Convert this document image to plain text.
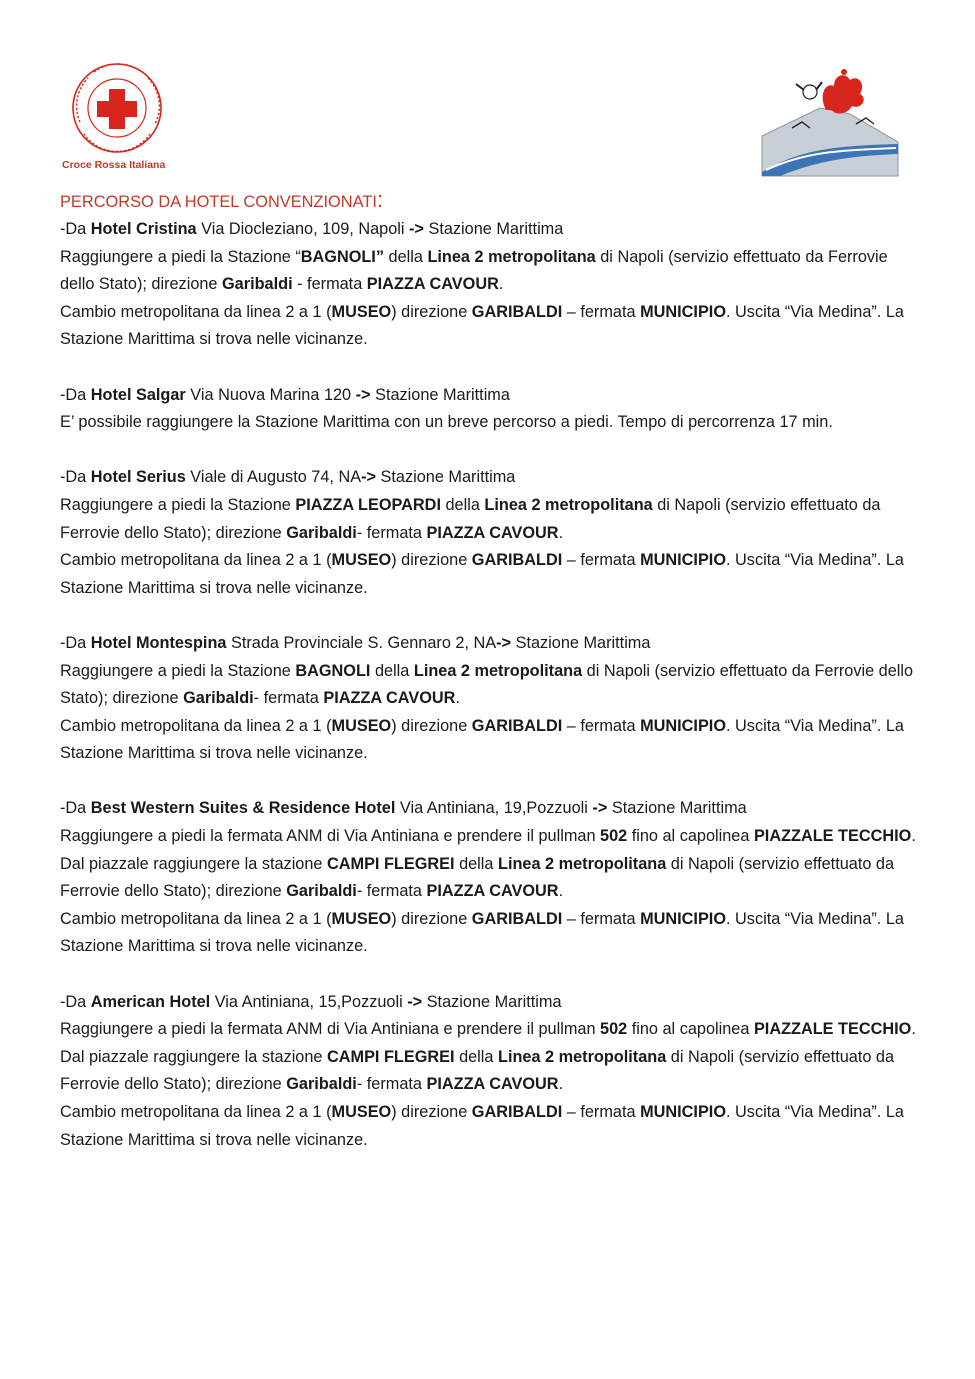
Croce Rossa Italiana

PERCORSO DA HOTEL CONVENZIONATI:

-Da Hotel Cristina Via Diocleziano, 109, Napoli -> Stazione Marittima

Raggiungere a piedi la Stazione “BAGNOLI” della Linea 2 metropolitana di Napoli (servizio effettuato da Ferrovie dello Stato); direzione Garibaldi - fermata PIAZZA CAVOUR.

Cambio metropolitana da linea 2 a 1 (MUSEO) direzione GARIBALDI – fermata MUNICIPIO. Uscita “Via Medina”. La Stazione Marittima si trova nelle vicinanze.

-Da Hotel Salgar Via Nuova Marina 120 -> Stazione Marittima

E’ possibile raggiungere la Stazione Marittima con un breve percorso a piedi. Tempo di percorrenza 17 min.

-Da Hotel Serius Viale di Augusto 74, NA-> Stazione Marittima

Raggiungere a piedi la Stazione PIAZZA LEOPARDI della Linea 2 metropolitana di Napoli (servizio effettuato da Ferrovie dello Stato); direzione Garibaldi- fermata PIAZZA CAVOUR.

Cambio metropolitana da linea 2 a 1 (MUSEO) direzione GARIBALDI – fermata MUNICIPIO. Uscita “Via Medina”. La Stazione Marittima si trova nelle vicinanze.

-Da Hotel Montespina Strada Provinciale S. Gennaro 2, NA-> Stazione Marittima

Raggiungere a piedi la Stazione BAGNOLI della Linea 2 metropolitana di Napoli (servizio effettuato da Ferrovie dello Stato); direzione Garibaldi- fermata PIAZZA CAVOUR.

Cambio metropolitana da linea 2 a 1 (MUSEO) direzione GARIBALDI – fermata MUNICIPIO. Uscita “Via Medina”. La Stazione Marittima si trova nelle vicinanze.

-Da Best Western Suites & Residence Hotel Via Antiniana, 19,Pozzuoli -> Stazione Marittima

Raggiungere a piedi la fermata ANM di Via Antiniana e prendere il pullman 502 fino al capolinea PIAZZALE TECCHIO. Dal piazzale raggiungere la stazione CAMPI FLEGREI della Linea 2 metropolitana di Napoli (servizio effettuato da Ferrovie dello Stato); direzione Garibaldi- fermata PIAZZA CAVOUR.

Cambio metropolitana da linea 2 a 1 (MUSEO) direzione GARIBALDI – fermata MUNICIPIO. Uscita “Via Medina”. La Stazione Marittima si trova nelle vicinanze.

-Da American Hotel Via Antiniana, 15,Pozzuoli -> Stazione Marittima

Raggiungere a piedi la fermata ANM di Via Antiniana e prendere il pullman 502 fino al capolinea PIAZZALE TECCHIO. Dal piazzale raggiungere la stazione CAMPI FLEGREI della Linea 2 metropolitana di Napoli (servizio effettuato da Ferrovie dello Stato); direzione Garibaldi- fermata PIAZZA CAVOUR.

Cambio metropolitana da linea 2 a 1 (MUSEO) direzione GARIBALDI – fermata MUNICIPIO. Uscita “Via Medina”. La Stazione Marittima si trova nelle vicinanze.
